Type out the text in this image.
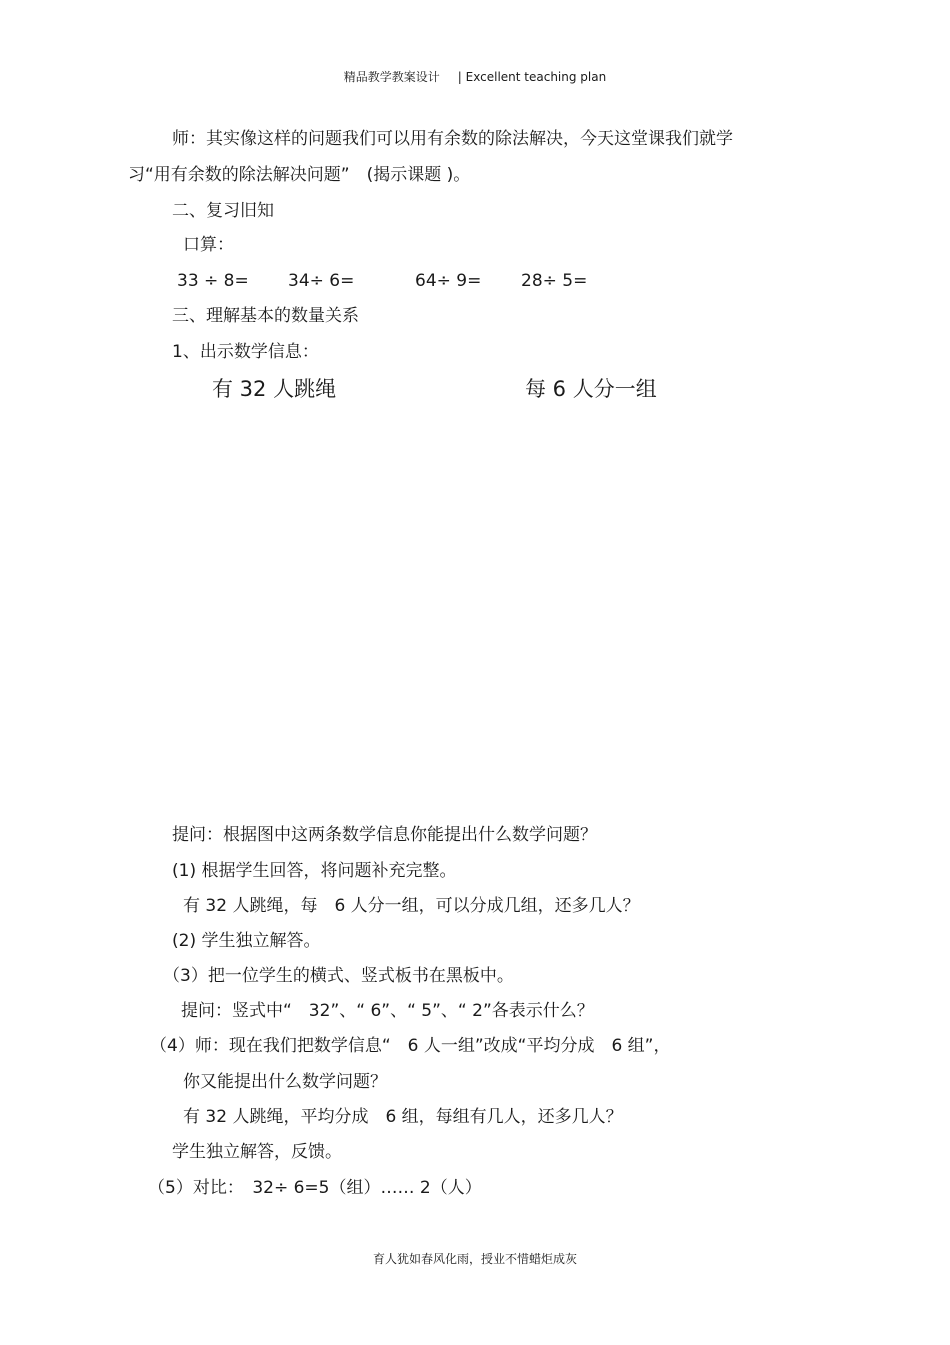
精品教学教案设计 | Excellent teaching plan
师：其实像这样的问题我们可以用有余数的除法解决，今天这堂课我们就学
习“用有余数的除法解决问题”　(揭示课题 )。
二、复习旧知
口算：
33 ÷ 8= 34÷ 6=	64÷ 9= 28÷ 5=
三、理解基本的数量关系
1、出示数学信息：
有 32 人跳绳	每 6 人分一组
提问：根据图中这两条数学信息你能提出什么数学问题？
(1) 根据学生回答，将问题补充完整。
有 32 人跳绳，每　6 人分一组，可以分成几组，还多几人？
(2) 学生独立解答。
（3）把一位学生的横式、竖式板书在黑板中。
提问：竖式中“　32”、“ 6”、“ 5”、“ 2”各表示什么？
（4）师：现在我们把数学信息“　6 人一组”改成“平均分成　6 组”，
你又能提出什么数学问题？
有 32 人跳绳，平均分成　6 组，每组有几人，还多几人？
学生独立解答，反馈。
（5）对比：　32÷ 6=5（组）…… 2（人）
育人犹如春风化雨，授业不惜蜡炬成灰
